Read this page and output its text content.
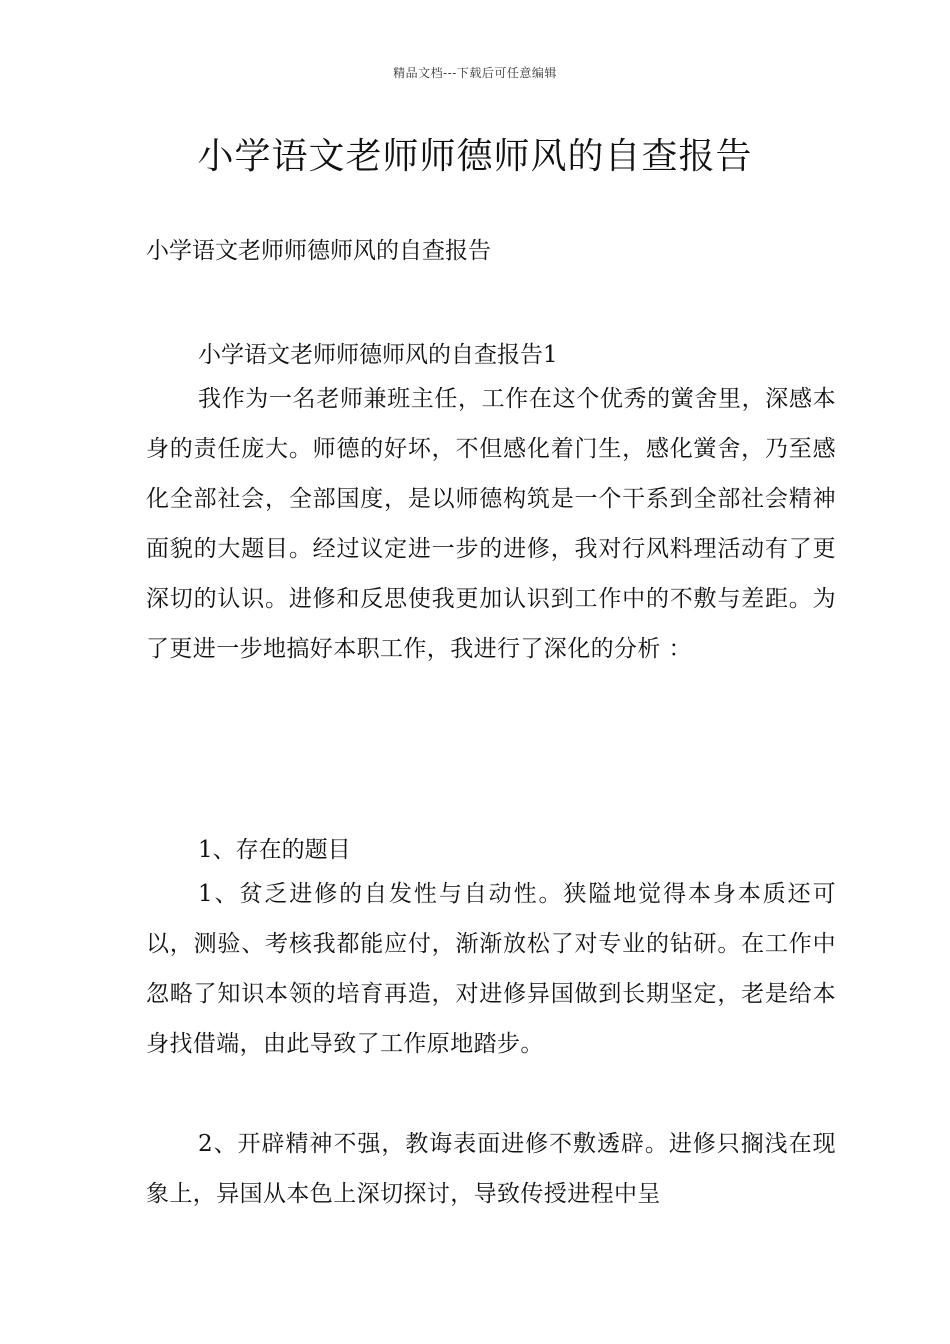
精品文档---下载后可任意编辑
小学语文老师师德师风的自查报告

小学语文老师师德师风的自查报告

小学语文老师师德师风的自查报告1

我作为一名老师兼班主任，工作在这个优秀的黉舍里，深感本身的责任庞大。师德的好坏，不但感化着门生，感化黉舍，乃至感化全部社会，全部国度，是以师德构筑是一个干系到全部社会精神面貌的大题目。经过议定进一步的进修，我对行风料理活动有了更深切的认识。进修和反思使我更加认识到工作中的不敷与差距。为了更进一步地搞好本职工作，我进行了深化的分析 ：

1、存在的题目

1、贫乏进修的自发性与自动性。狭隘地觉得本身本质还可以，测验、考核我都能应付，渐渐放松了对专业的钻研。在工作中忽略了知识本领的培育再造，对进修异国做到长期坚定，老是给本身找借端，由此导致了工作原地踏步。

2、开辟精神不强，教诲表面进修不敷透辟。进修只搁浅在现象上，异国从本色上深切探讨，导致传授进程中呈
